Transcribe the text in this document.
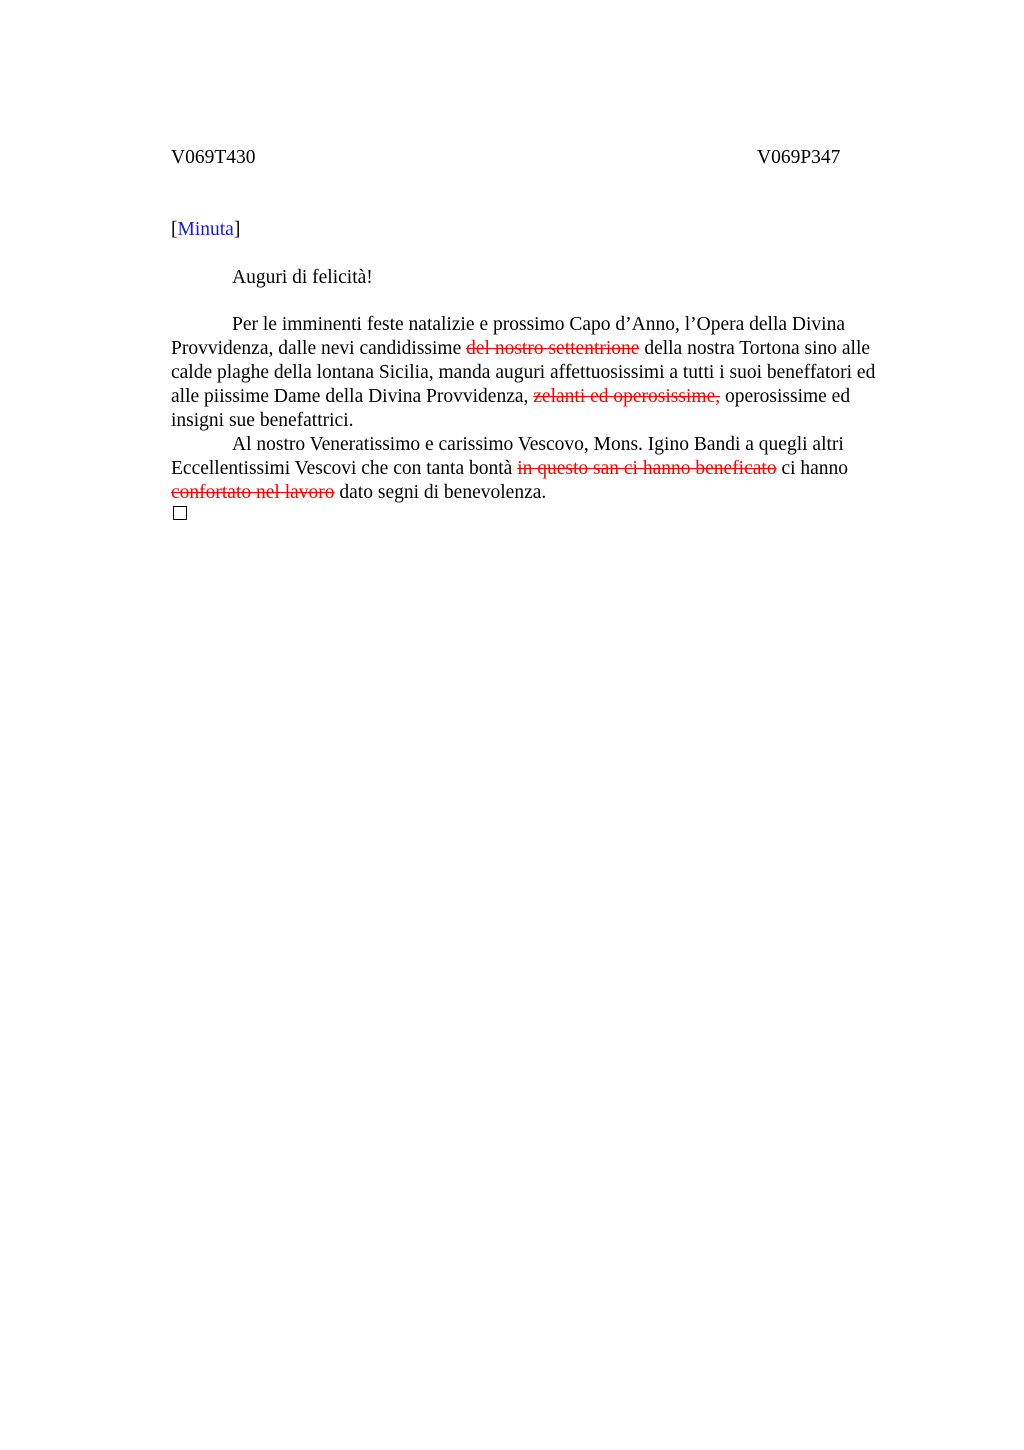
V069T430	V069P347
[Minuta]
Auguri di felicità!

Per le imminenti feste natalizie e prossimo Capo d’Anno, l’Opera della Divina
Provvidenza, dalle nevi candidissime del nostro settentrione della nostra Tortona sino alle
calde plaghe della lontana Sicilia, manda auguri affettuosissimi a tutti i suoi beneffatori ed
alle piissime Dame della Divina Provvidenza, zelanti ed operosissime, operosissime ed
insigni sue benefattrici.

Al nostro Veneratissimo e carissimo Vescovo, Mons. Igino Bandi a quegli altri
Eccellentissimi Vescovi che con tanta bontà in questo san ci hanno beneficato ci hanno
confortato nel lavoro dato segni di benevolenza.
